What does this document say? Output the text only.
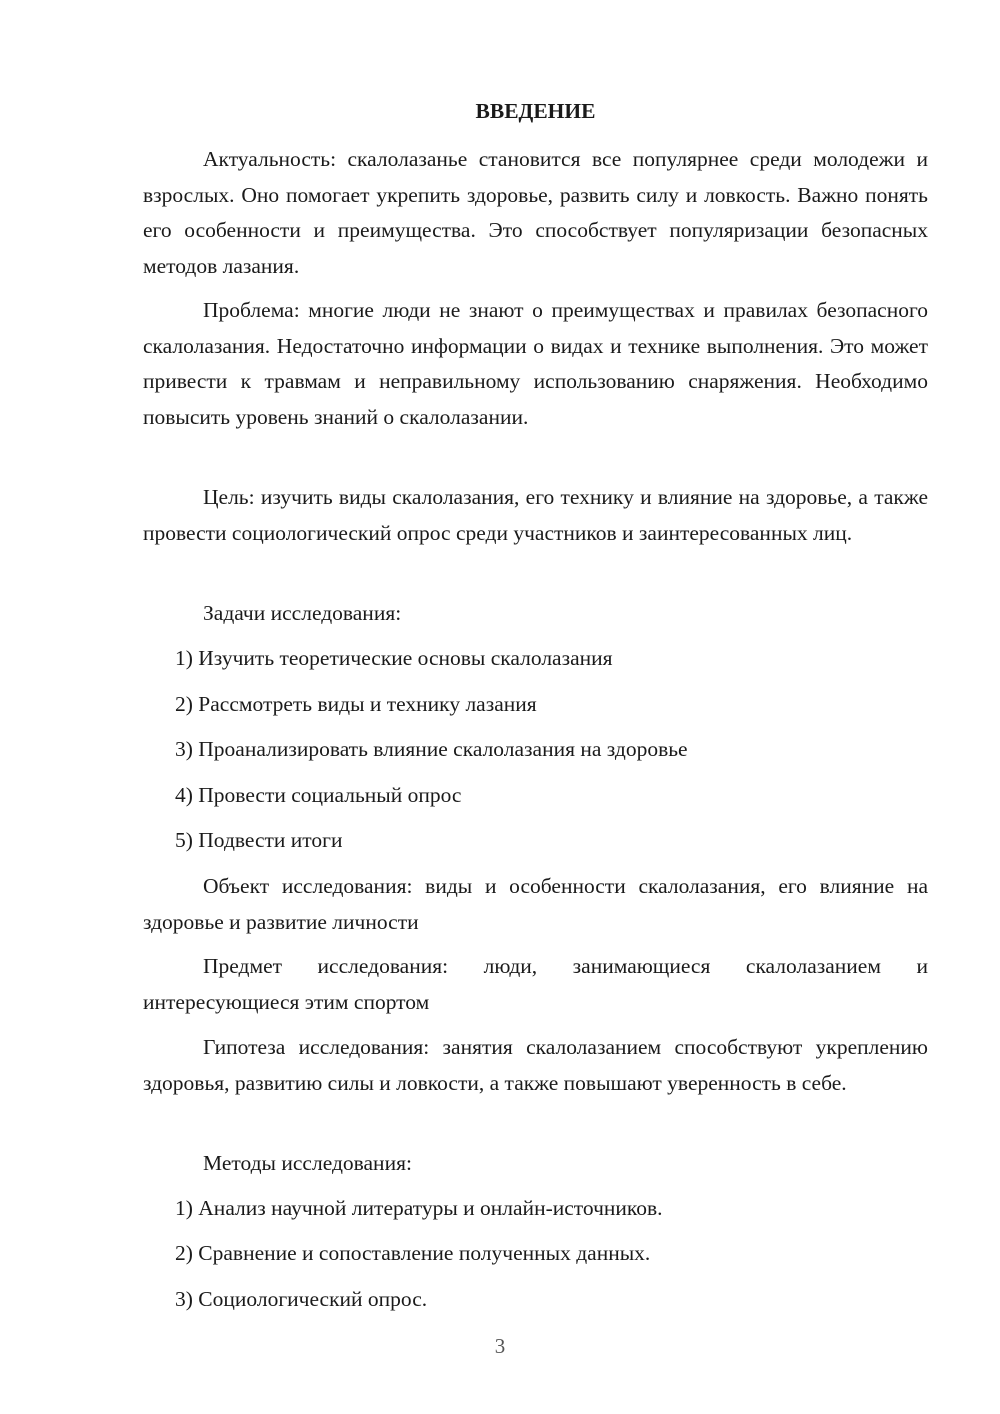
ВВЕДЕНИЕ

Актуальность: скалолазанье становится все популярнее среди молодежи и взрослых. Оно помогает укрепить здоровье, развить силу и ловкость. Важно понять его особенности и преимущества. Это способствует популяризации безопасных методов лазания.

Проблема: многие люди не знают о преимуществах и правилах безопасного скалолазания. Недостаточно информации о видах и технике выполнения. Это может привести к травмам и неправильному использованию снаряжения. Необходимо повысить уровень знаний о скалолазании.

Цель: изучить виды скалолазания, его технику и влияние на здоровье, а также провести социологический опрос среди участников и заинтересованных лиц.

Задачи исследования:

1) Изучить теоретические основы скалолазания

2) Рассмотреть виды и технику лазания

3) Проанализировать влияние скалолазания на здоровье

4) Провести социальный опрос

5) Подвести итоги

Объект исследования: виды и особенности скалолазания, его влияние на здоровье и развитие личности

Предмет исследования: люди, занимающиеся скалолазанием и интересующиеся этим спортом

Гипотеза исследования: занятия скалолазанием способствуют укреплению здоровья, развитию силы и ловкости, а также повышают уверенность в себе.

Методы исследования:

1) Анализ научной литературы и онлайн-источников.

2) Сравнение и сопоставление полученных данных.

3) Социологический опрос.

3
